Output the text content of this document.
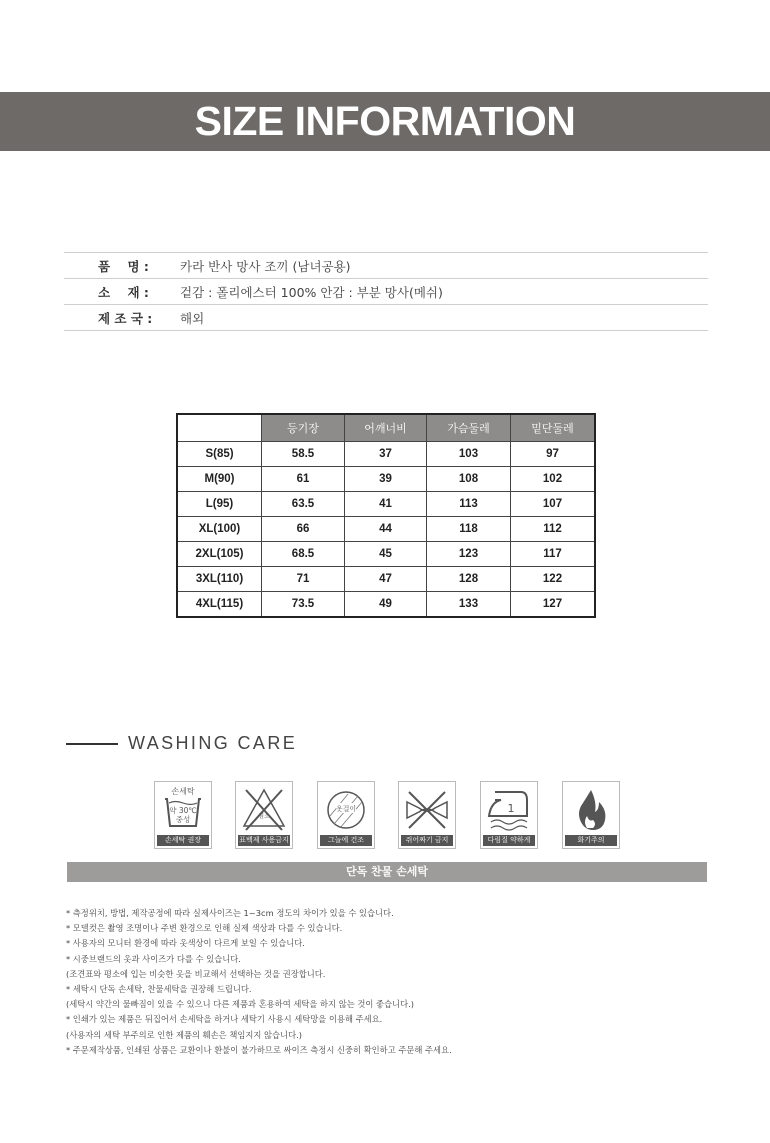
SIZE INFORMATION
품    명 :	카라 반사 망사 조끼 (남녀공용)
소    재 :	겉감 : 폴리에스터 100% 안감 : 부분 망사(메쉬)
제 조 국 :	해외
	등기장	어깨너비	가슴둘레	밑단둘레
S(85)	58.5	37	103	97
M(90)	61	39	108	102
L(95)	63.5	41	113	107
XL(100)	66	44	118	112
2XL(105)	68.5	45	123	117
3XL(110)	71	47	128	122
4XL(115)	73.5	49	133	127
WASHING CARE
손세탁
약 30℃
중성
손세탁 권장
염소
표백제 사용금지
옷걸이
그늘에 건조	쥐어짜기 금지
1
다림질 약하게	화기주의
단독 찬물 손세탁
* 측정위치, 방법, 제작공정에 따라 실제사이즈는 1~3cm 정도의 차이가 있을 수 있습니다.
* 모델컷은 촬영 조명이나 주변 환경으로 인해 실제 색상과 다를 수 있습니다.
* 사용자의 모니터 환경에 따라 옷색상이 다르게 보일 수 있습니다.
* 시중브랜드의 옷과 사이즈가 다를 수 있습니다.
(조견표와 평소에 입는 비슷한 옷을 비교해서 선택하는 것을 권장합니다.
* 세탁시 단독 손세탁, 찬물세탁을 권장해 드립니다.
(세탁시 약간의 물빠짐이 있을 수 있으니 다른 제품과 혼용하여 세탁을 하지 않는 것이 좋습니다.)
* 인쇄가 있는 제품은 뒤집어서 손세탁을 하거나 세탁기 사용시 세탁망을 이용해 주세요.
(사용자의 세탁 부주의로 인한 제품의 훼손은 책임지지 않습니다.)
* 주문제작상품, 인쇄된 상품은 교환이나 환불이 불가하므로 싸이즈 측정시 신중히 확인하고 주문해 주세요.
